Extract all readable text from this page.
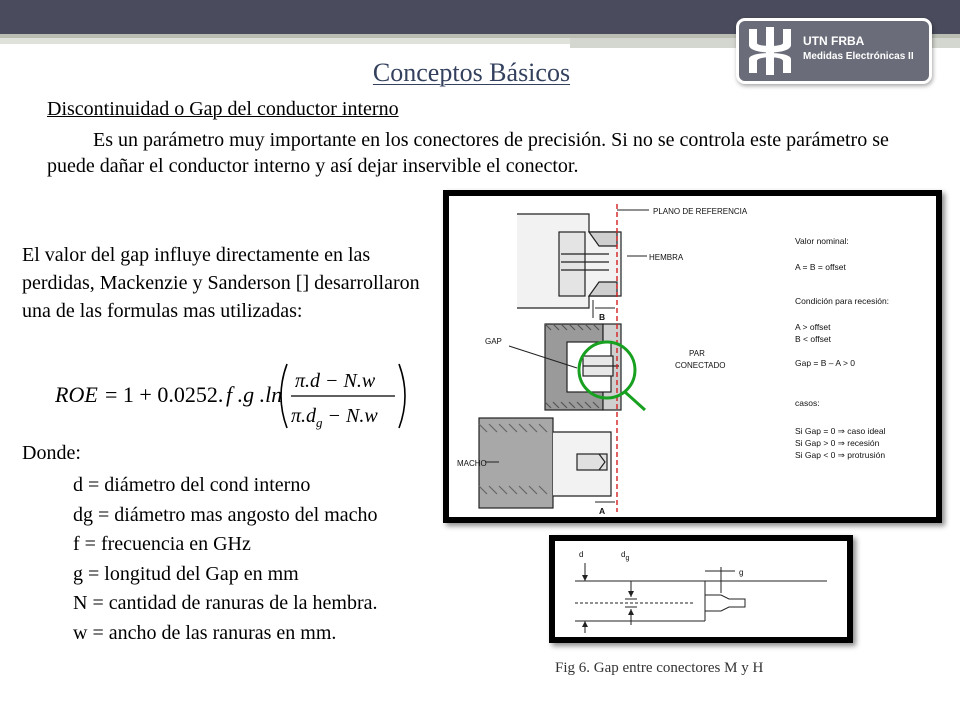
UTN FRBA
Medidas Electrónicas II
Conceptos Básicos
Discontinuidad o Gap del conductor interno

Es un parámetro muy importante en los conectores de precisión. Si no se controla este parámetro se puede dañar el conductor interno y así dejar inservible el conector.

El valor del gap influye directamente en las perdidas, Mackenzie y Sanderson [] desarrollaron una de las formulas mas utilizadas:

ROE = 1 + 0.0252. f .g .ln
π.d − N.w
$\pi.d_g - N.w$
Donde:
d = diámetro del cond interno
dg = diámetro mas angosto del macho
f = frecuencia en GHz
g = longitud del Gap en mm
N = cantidad de ranuras de la hembra.
w = ancho de las ranuras en mm.
PLANO DE REFERENCIA
B
A
GAP
HEMBRA
PAR
CONECTADO
MACHO
Valor nominal:
A = B = offset
Condición para recesión:
A > offset
B < offset
Gap = B – A > 0
casos:
Si Gap = 0 ⇒ caso ideal
Si Gap > 0 ⇒ recesión
Si Gap < 0 ⇒ protrusión
d	dg
g
Fig 6. Gap entre conectores M y H
